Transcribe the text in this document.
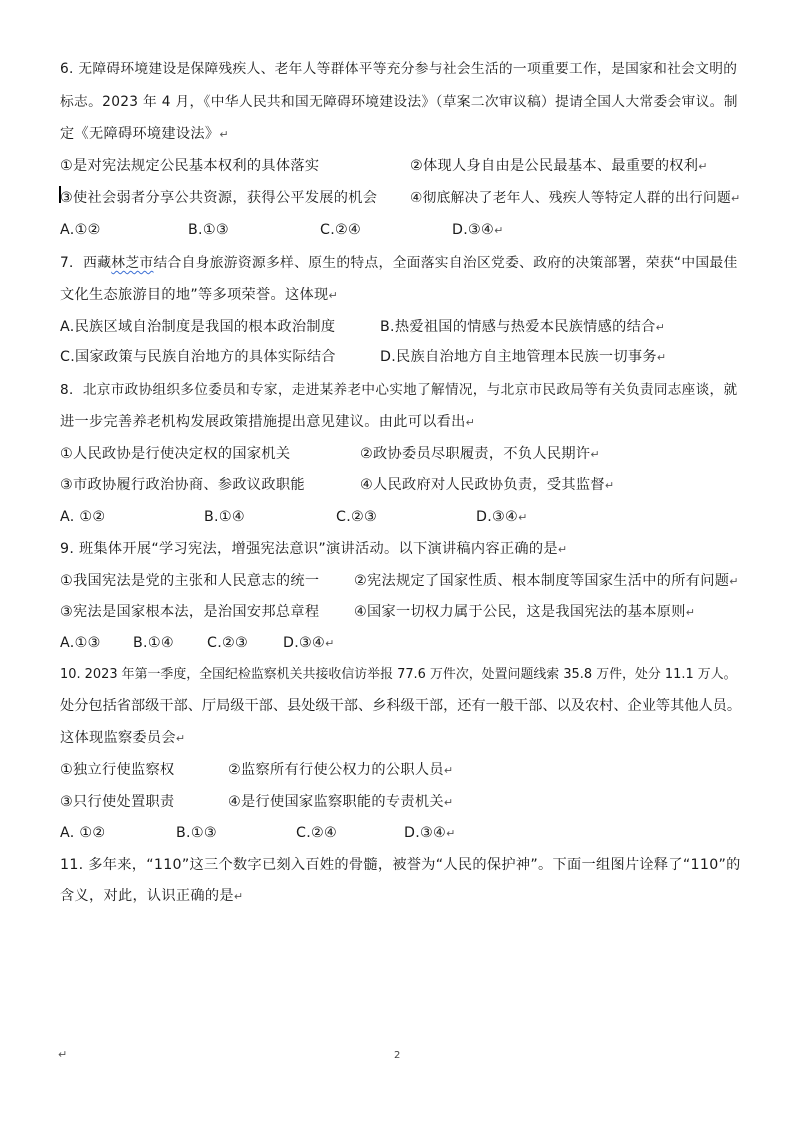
6. 无障碍环境建设是保障残疾人、老年人等群体平等充分参与社会生活的一项重要工作，是国家和社会文明的
标志。2023 年 4 月，《中华人民共和国无障碍环境建设法》（草案二次审议稿）提请全国人大常委会审议。制
定《无障碍环境建设法》↵
①是对宪法规定公民基本权利的具体落实	②体现人身自由是公民最基本、最重要的权利↵
③使社会弱者分享公共资源，获得公平发展的机会 ④彻底解决了老年人、残疾人等特定人群的出行问题↵
A.①②	B.①③	C.②④	D.③④↵
7．西藏林芝市结合自身旅游资源多样、原生的特点，全面落实自治区党委、政府的决策部署，荣获“中国最佳
文化生态旅游目的地”等多项荣誉。这体现↵
A.民族区域自治制度是我国的根本政治制度	B.热爱祖国的情感与热爱本民族情感的结合↵
C.国家政策与民族自治地方的具体实际结合	D.民族自治地方自主地管理本民族一切事务↵
8．北京市政协组织多位委员和专家，走进某养老中心实地了解情况，与北京市民政局等有关负责同志座谈，就
进一步完善养老机构发展政策措施提出意见建议。由此可以看出↵
①人民政协是行使决定权的国家机关	②政协委员尽职履责，不负人民期许↵
③市政协履行政治协商、参政议政职能	④人民政府对人民政协负责，受其监督↵
A. ①②	B.①④	C.②③	D.③④↵
9. 班集体开展“学习宪法，增强宪法意识”演讲活动。以下演讲稿内容正确的是↵
①我国宪法是党的主张和人民意志的统一 ②宪法规定了国家性质、根本制度等国家生活中的所有问题↵
③宪法是国家根本法，是治国安邦总章程 ④国家一切权力属于公民，这是我国宪法的基本原则↵
A.①③ B.①④ C.②③ D.③④↵
10. 2023 年第一季度，全国纪检监察机关共接收信访举报 77.6 万件次，处置问题线索 35.8 万件，处分 11.1 万人。
处分包括省部级干部、厅局级干部、县处级干部、乡科级干部，还有一般干部、以及农村、企业等其他人员。
这体现监察委员会↵
①独立行使监察权	②监察所有行使公权力的公职人员↵
③只行使处置职责	④是行使国家监察职能的专责机关↵
A. ①②	B.①③	C.②④	D.③④↵
11. 多年来，“110”这三个数字已刻入百姓的骨髓，被誉为“人民的保护神”。下面一组图片诠释了“110”的
含义，对此，认识正确的是↵
↵	2
